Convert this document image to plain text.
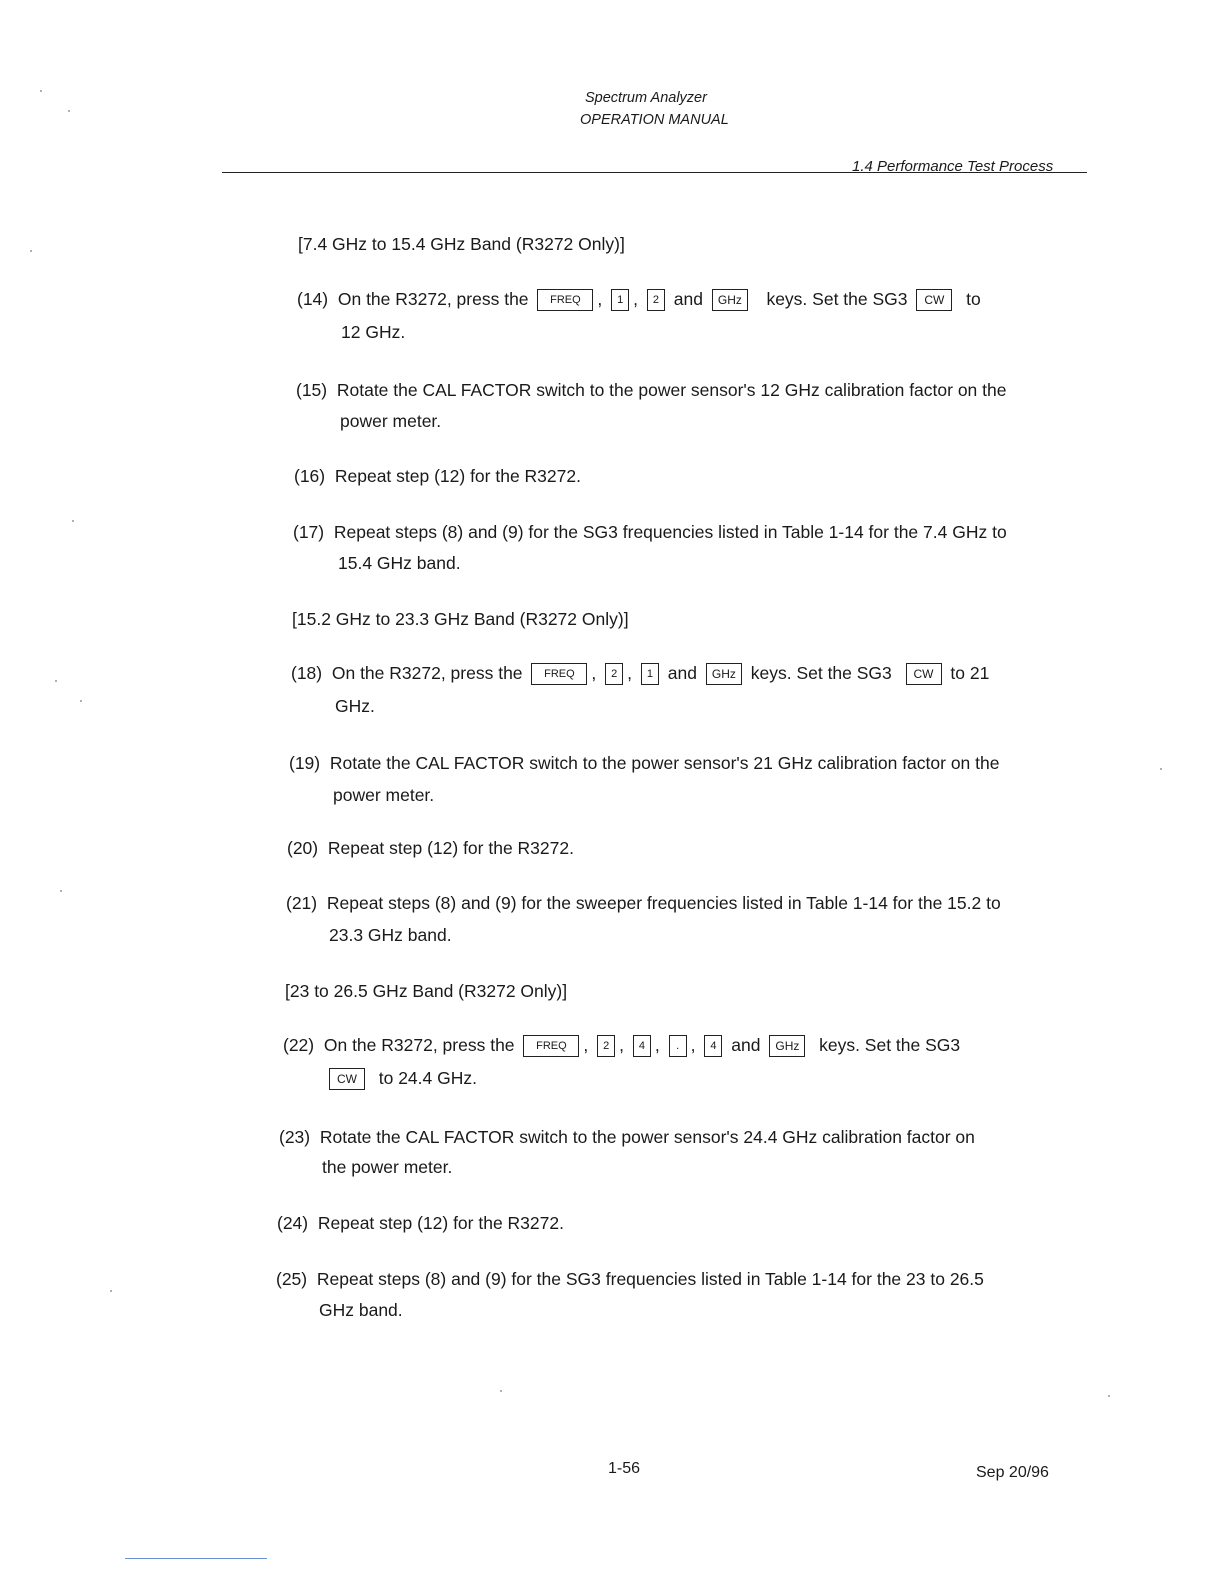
Spectrum Analyzer
OPERATION MANUAL
1.4 Performance Test Process
[7.4 GHz to 15.4 GHz Band (R3272 Only)]
(14) On the R3272, press the FREQ , 1 , 2 and GHz keys. Set the SG3 CW to
12 GHz.
(15) Rotate the CAL FACTOR switch to the power sensor's 12 GHz calibration factor on the
power meter.
(16) Repeat step (12) for the R3272.
(17) Repeat steps (8) and (9) for the SG3 frequencies listed in Table 1-14 for the 7.4 GHz to
15.4 GHz band.
[15.2 GHz to 23.3 GHz Band (R3272 Only)]
(18) On the R3272, press the FREQ , 2 , 1 and GHz keys. Set the SG3 CW to 21
GHz.
(19) Rotate the CAL FACTOR switch to the power sensor's 21 GHz calibration factor on the
power meter.
(20) Repeat step (12) for the R3272.
(21) Repeat steps (8) and (9) for the sweeper frequencies listed in Table 1-14 for the 15.2 to
23.3 GHz band.
[23 to 26.5 GHz Band (R3272 Only)]
(22) On the R3272, press the FREQ , 2 , 4 , . , 4 and GHz keys. Set the SG3
CW to 24.4 GHz.
(23) Rotate the CAL FACTOR switch to the power sensor's 24.4 GHz calibration factor on
the power meter.
(24) Repeat step (12) for the R3272.
(25) Repeat steps (8) and (9) for the SG3 frequencies listed in Table 1-14 for the 23 to 26.5
GHz band.
1-56	Sep 20/96
